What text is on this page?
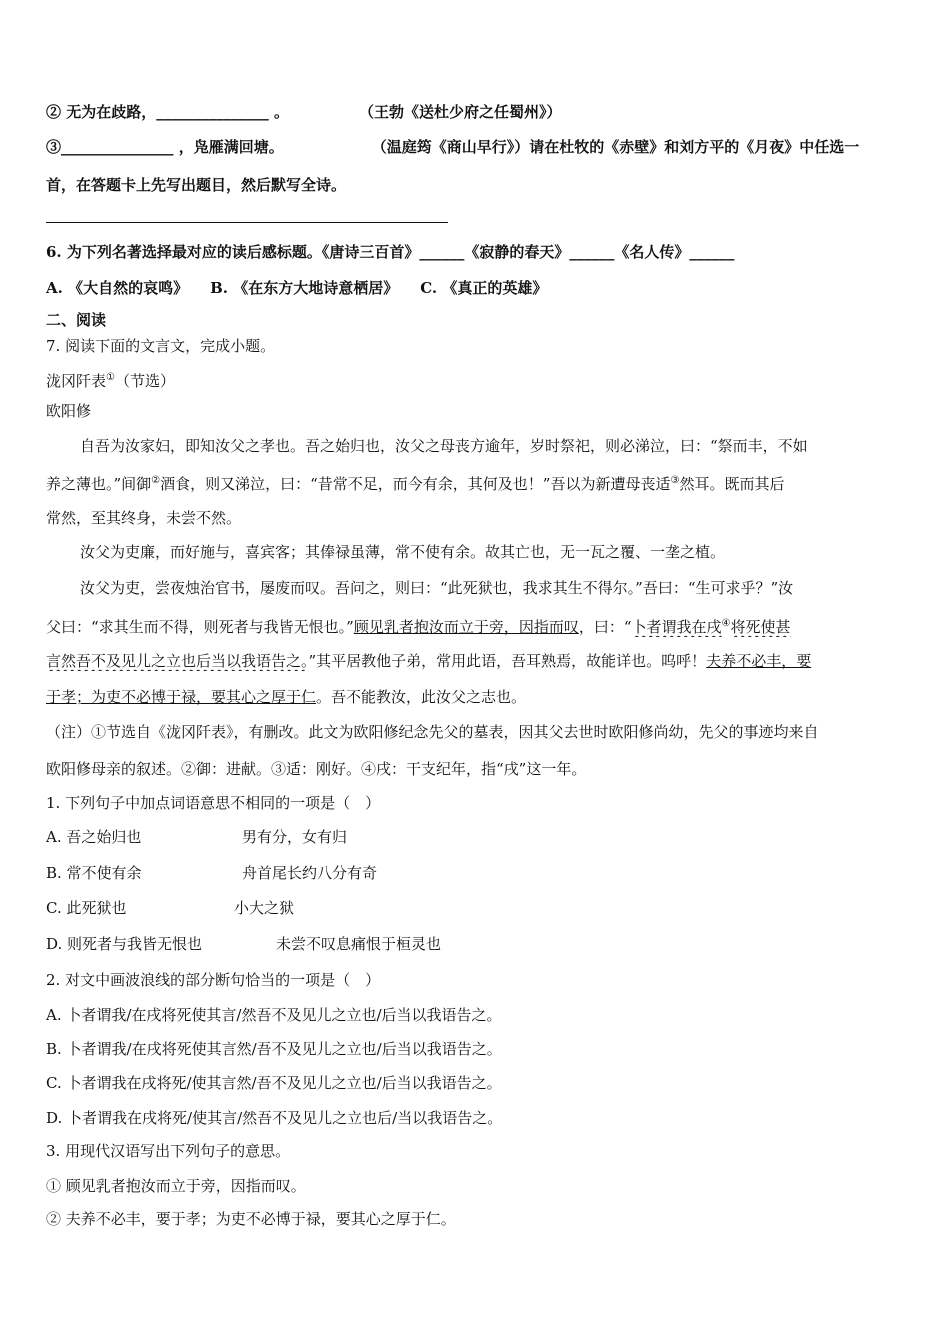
② 无为在歧路，_______________ 。	（王勃《送杜少府之任蜀州》）
③_______________ ，凫雁满回塘。	（温庭筠《商山早行》）请在杜牧的《赤壁》和刘方平的《月夜》中任选一
首，在答题卡上先写出题目，然后默写全诗。
6. 为下列名著选择最对应的读后感标题。《唐诗三百首》______《寂静的春天》______《名人传》______
A. 《大自然的哀鸣》 B. 《在东方大地诗意栖居》 C. 《真正的英雄》
二、阅读
7. 阅读下面的文言文，完成小题。
泷冈阡表①（节选）
欧阳修
自吾为汝家妇，即知汝父之孝也。吾之始归也，汝父之母丧方逾年，岁时祭祀，则必涕泣，曰：“祭而丰，不如
养之薄也。”间御②酒食，则又涕泣，曰：“昔常不足，而今有余，其何及也！”吾以为新遭母丧适③然耳。既而其后
常然，至其终身，未尝不然。
汝父为吏廉，而好施与，喜宾客；其俸禄虽薄，常不使有余。故其亡也，无一瓦之覆、一垄之植。
汝父为吏，尝夜烛治官书，屡废而叹。吾问之，则曰：“此死狱也，我求其生不得尔。”吾曰：“生可求乎？”汝
父曰：“求其生而不得，则死者与我皆无恨也。”顾见乳者抱汝而立于旁，因指而叹，曰：“卜者谓我在戌④将死使甚
言然吾不及见儿之立也后当以我语告之。”其平居教他子弟，常用此语，吾耳熟焉，故能详也。呜呼！夫养不必丰，要
于孝；为吏不必博于禄，要其心之厚于仁。吾不能教汝，此汝父之志也。
（注）①节选自《泷冈阡表》，有删改。此文为欧阳修纪念先父的墓表，因其父去世时欧阳修尚幼，先父的事迹均来自
欧阳修母亲的叙述。②御：进献。③适：刚好。④戌：干支纪年，指“戌”这一年。
1. 下列句子中加点词语意思不相同的一项是（　）
A. 吾之始归也	男有分，女有归
B. 常不使有余	舟首尾长约八分有奇
C. 此死狱也	小大之狱
D. 则死者与我皆无恨也	未尝不叹息痛恨于桓灵也
2. 对文中画波浪线的部分断句恰当的一项是（　）
A. 卜者谓我/在戌将死使其言/然吾不及见儿之立也/后当以我语告之。
B. 卜者谓我/在戌将死使其言然/吾不及见儿之立也/后当以我语告之。
C. 卜者谓我在戌将死/使其言然/吾不及见儿之立也/后当以我语告之。
D. 卜者谓我在戌将死/使其言/然吾不及见儿之立也后/当以我语告之。
3. 用现代汉语写出下列句子的意思。
① 顾见乳者抱汝而立于旁，因指而叹。
② 夫养不必丰，要于孝；为吏不必博于禄，要其心之厚于仁。
